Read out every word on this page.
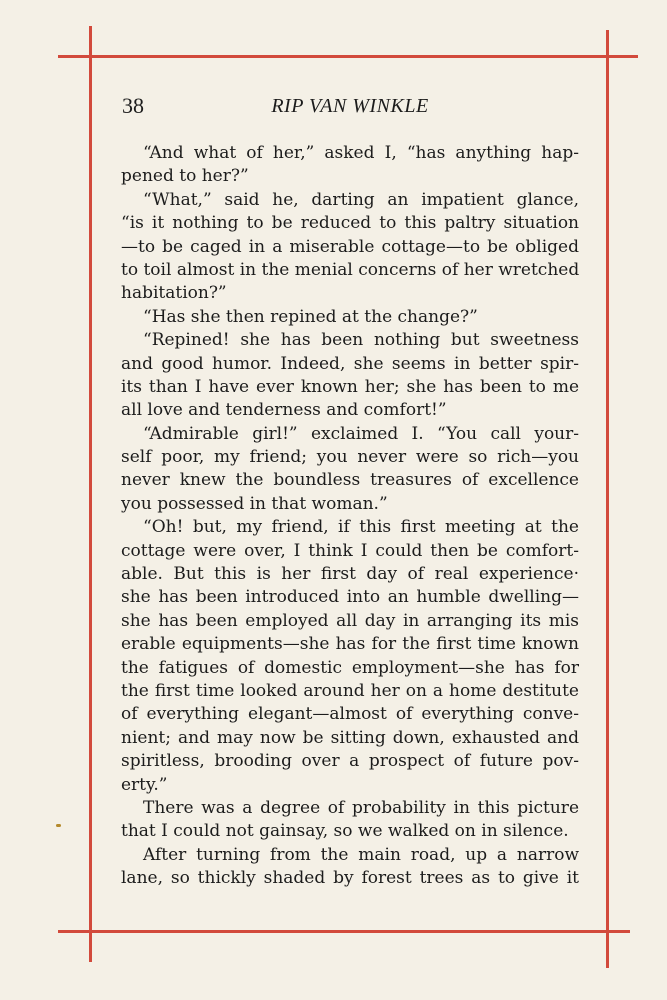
38	RIP VAN WINKLE
“And what of her,” asked I, “has anything hap-
pened to her?”
“What,” said he, darting an impatient glance,
“is it nothing to be reduced to this paltry situation
—to be caged in a miserable cottage—to be obliged
to toil almost in the menial concerns of her wretched
habitation?”
“Has she then repined at the change?”
“Repined! she has been nothing but sweetness
and good humor. Indeed, she seems in better spir-
its than I have ever known her; she has been to me
all love and tenderness and comfort!”
“Admirable girl!” exclaimed I. “You call your-
self poor, my friend; you never were so rich—you
never knew the boundless treasures of excellence
you possessed in that woman.”
“Oh! but, my friend, if this first meeting at the
cottage were over, I think I could then be comfort-
able. But this is her first day of real experience·
she has been introduced into an humble dwelling—
she has been employed all day in arranging its mis
erable equipments—she has for the first time known
the fatigues of domestic employment—she has for
the first time looked around her on a home destitute
of everything elegant—almost of everything conve-
nient; and may now be sitting down, exhausted and
spiritless, brooding over a prospect of future pov-
erty.”
There was a degree of probability in this picture
that I could not gainsay, so we walked on in silence.
After turning from the main road, up a narrow
lane, so thickly shaded by forest trees as to give it
